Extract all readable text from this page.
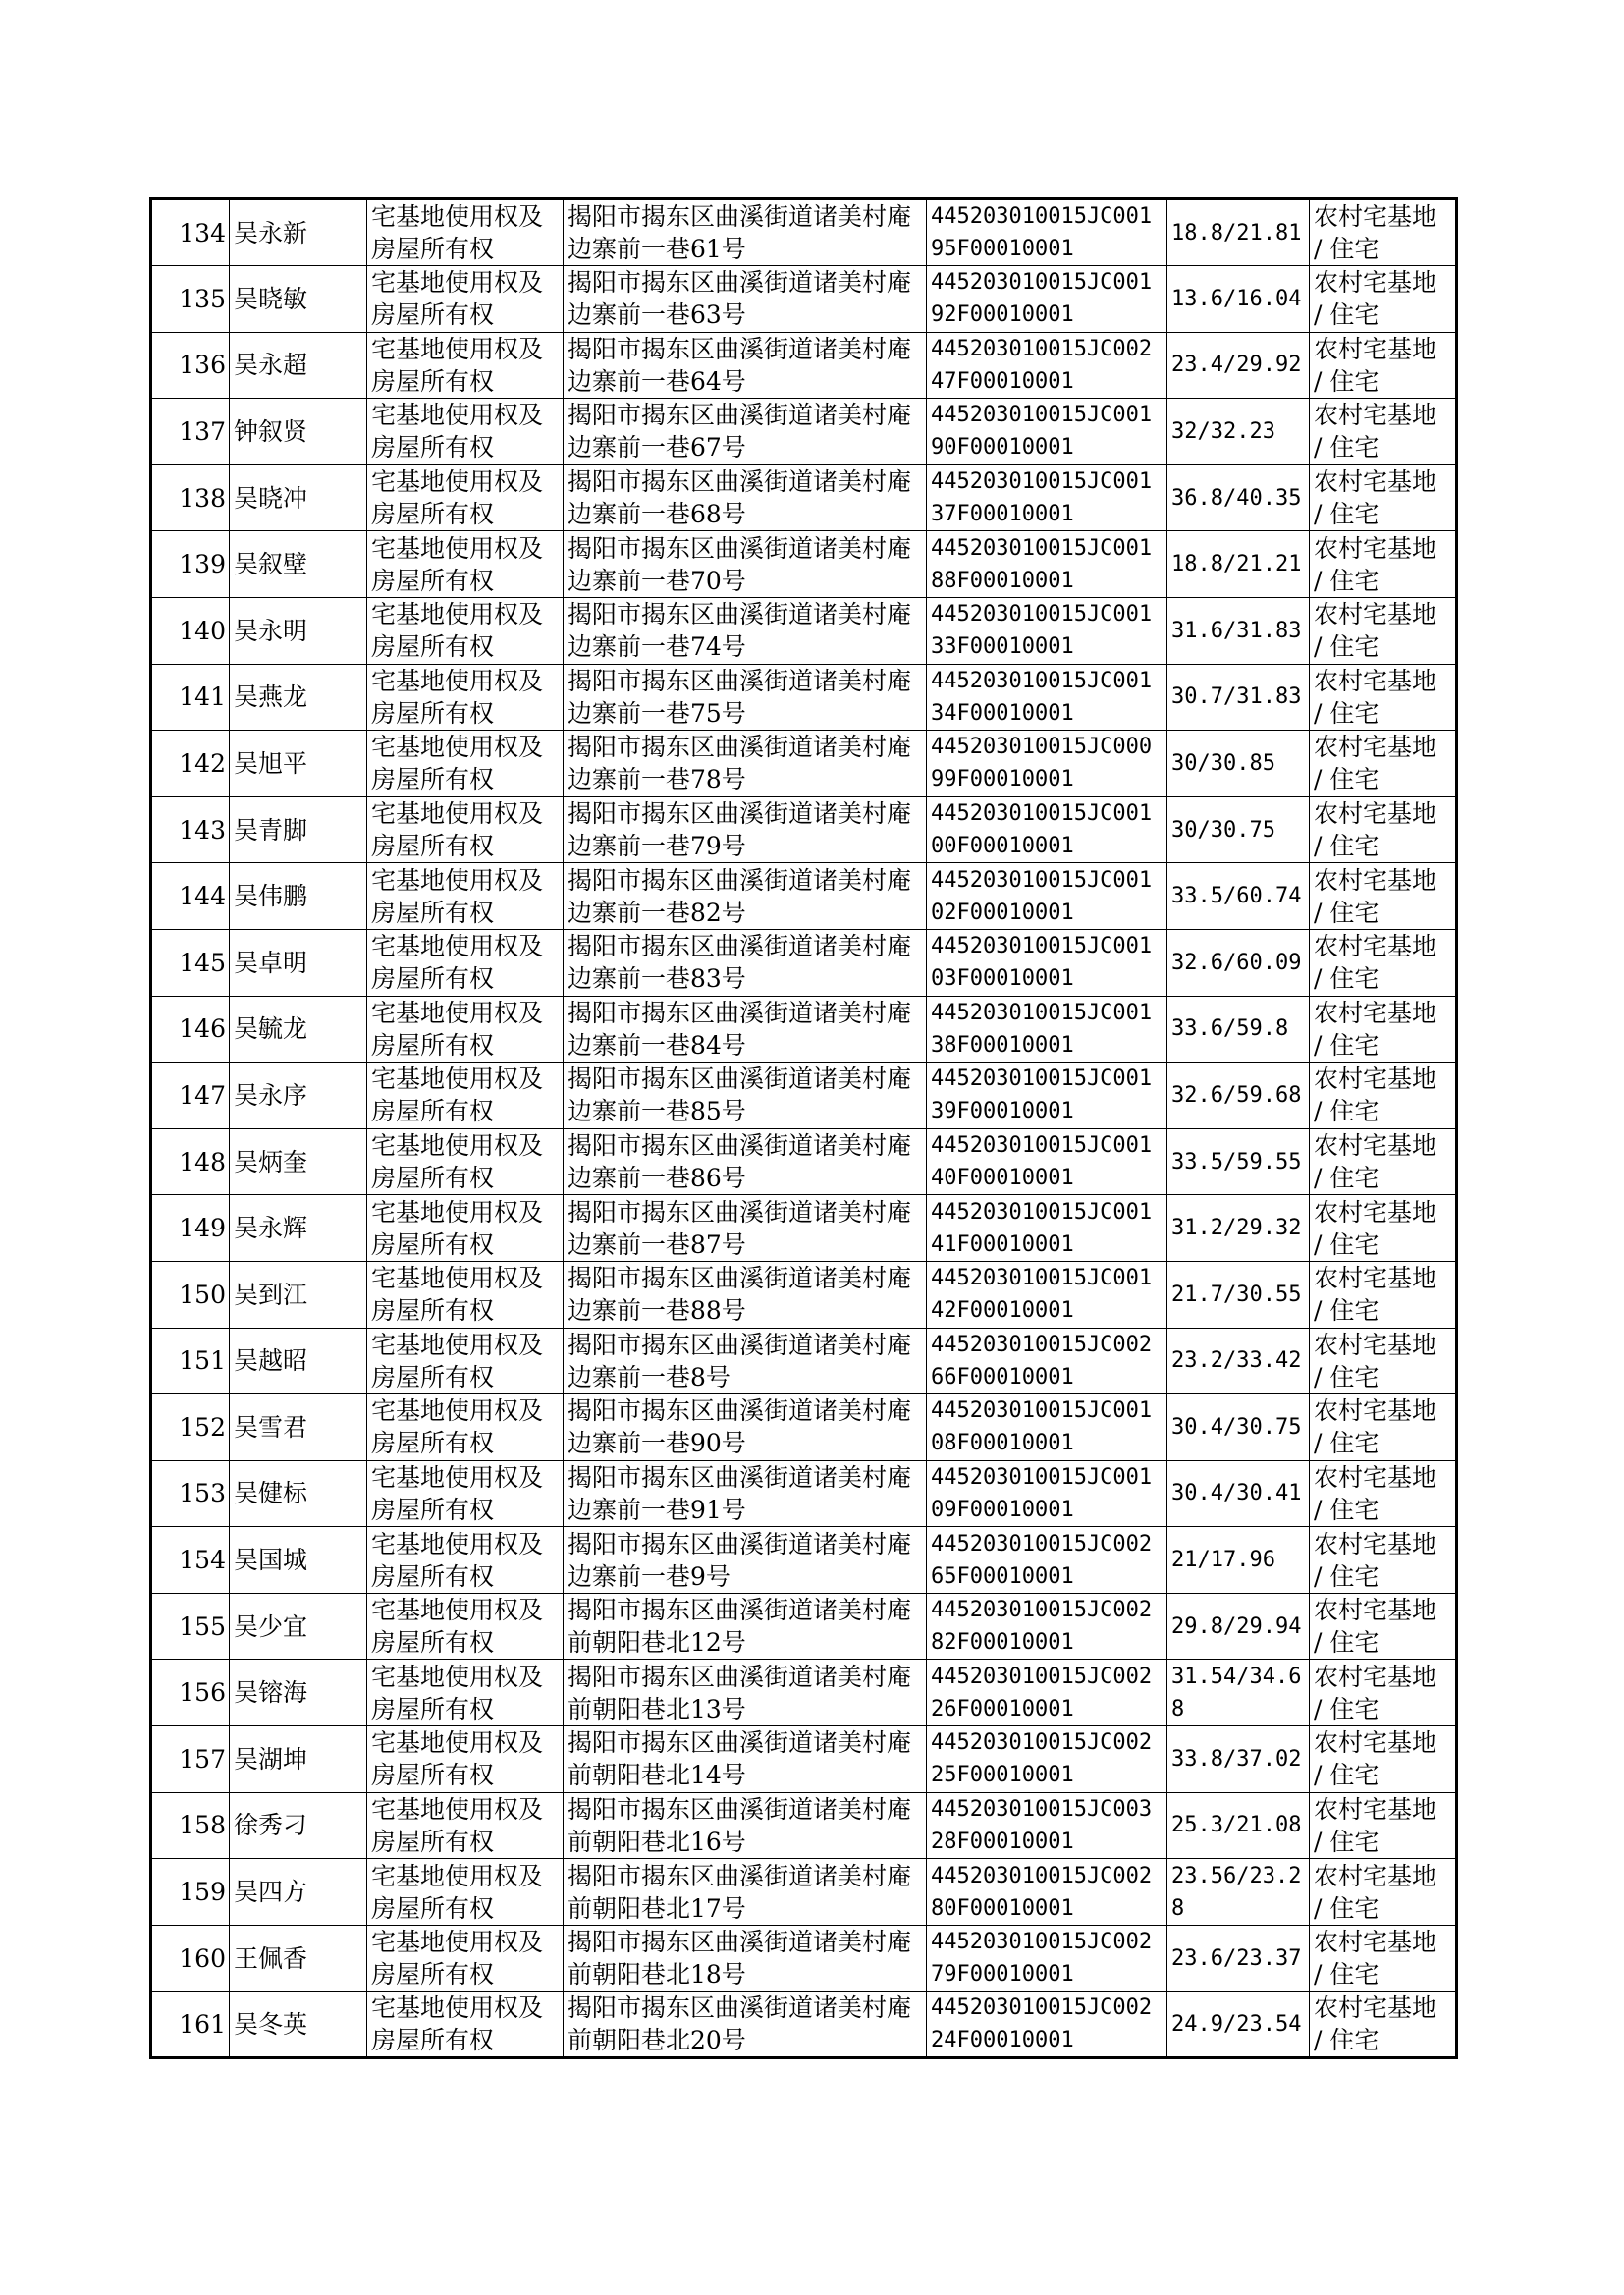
134	吴永新	宅基地使用权及房屋所有权	揭阳市揭东区曲溪街道诸美村庵边寨前一巷61号	445203010015JC00195F00010001	18.8/21.81	农村宅基地 / 住宅

135	吴晓敏	宅基地使用权及房屋所有权	揭阳市揭东区曲溪街道诸美村庵边寨前一巷63号	445203010015JC00192F00010001	13.6/16.04	农村宅基地 / 住宅

136	吴永超	宅基地使用权及房屋所有权	揭阳市揭东区曲溪街道诸美村庵边寨前一巷64号	445203010015JC00247F00010001	23.4/29.92	农村宅基地 / 住宅

137	钟叙贤	宅基地使用权及房屋所有权	揭阳市揭东区曲溪街道诸美村庵边寨前一巷67号	445203010015JC00190F00010001	32/32.23	农村宅基地 / 住宅

138	吴晓冲	宅基地使用权及房屋所有权	揭阳市揭东区曲溪街道诸美村庵边寨前一巷68号	445203010015JC00137F00010001	36.8/40.35	农村宅基地 / 住宅

139	吴叙壁	宅基地使用权及房屋所有权	揭阳市揭东区曲溪街道诸美村庵边寨前一巷70号	445203010015JC00188F00010001	18.8/21.21	农村宅基地 / 住宅

140	吴永明	宅基地使用权及房屋所有权	揭阳市揭东区曲溪街道诸美村庵边寨前一巷74号	445203010015JC00133F00010001	31.6/31.83	农村宅基地 / 住宅

141	吴燕龙	宅基地使用权及房屋所有权	揭阳市揭东区曲溪街道诸美村庵边寨前一巷75号	445203010015JC00134F00010001	30.7/31.83	农村宅基地 / 住宅

142	吴旭平	宅基地使用权及房屋所有权	揭阳市揭东区曲溪街道诸美村庵边寨前一巷78号	445203010015JC00099F00010001	30/30.85	农村宅基地 / 住宅

143	吴青脚	宅基地使用权及房屋所有权	揭阳市揭东区曲溪街道诸美村庵边寨前一巷79号	445203010015JC00100F00010001	30/30.75	农村宅基地 / 住宅

144	吴伟鹏	宅基地使用权及房屋所有权	揭阳市揭东区曲溪街道诸美村庵边寨前一巷82号	445203010015JC00102F00010001	33.5/60.74	农村宅基地 / 住宅

145	吴卓明	宅基地使用权及房屋所有权	揭阳市揭东区曲溪街道诸美村庵边寨前一巷83号	445203010015JC00103F00010001	32.6/60.09	农村宅基地 / 住宅

146	吴毓龙	宅基地使用权及房屋所有权	揭阳市揭东区曲溪街道诸美村庵边寨前一巷84号	445203010015JC00138F00010001	33.6/59.8	农村宅基地 / 住宅

147	吴永序	宅基地使用权及房屋所有权	揭阳市揭东区曲溪街道诸美村庵边寨前一巷85号	445203010015JC00139F00010001	32.6/59.68	农村宅基地 / 住宅

148	吴炳奎	宅基地使用权及房屋所有权	揭阳市揭东区曲溪街道诸美村庵边寨前一巷86号	445203010015JC00140F00010001	33.5/59.55	农村宅基地 / 住宅

149	吴永辉	宅基地使用权及房屋所有权	揭阳市揭东区曲溪街道诸美村庵边寨前一巷87号	445203010015JC00141F00010001	31.2/29.32	农村宅基地 / 住宅

150	吴到江	宅基地使用权及房屋所有权	揭阳市揭东区曲溪街道诸美村庵边寨前一巷88号	445203010015JC00142F00010001	21.7/30.55	农村宅基地 / 住宅

151	吴越昭	宅基地使用权及房屋所有权	揭阳市揭东区曲溪街道诸美村庵边寨前一巷8号	445203010015JC00266F00010001	23.2/33.42	农村宅基地 / 住宅

152	吴雪君	宅基地使用权及房屋所有权	揭阳市揭东区曲溪街道诸美村庵边寨前一巷90号	445203010015JC00108F00010001	30.4/30.75	农村宅基地 / 住宅

153	吴健标	宅基地使用权及房屋所有权	揭阳市揭东区曲溪街道诸美村庵边寨前一巷91号	445203010015JC00109F00010001	30.4/30.41	农村宅基地 / 住宅

154	吴国城	宅基地使用权及房屋所有权	揭阳市揭东区曲溪街道诸美村庵边寨前一巷9号	445203010015JC00265F00010001	21/17.96	农村宅基地 / 住宅

155	吴少宜	宅基地使用权及房屋所有权	揭阳市揭东区曲溪街道诸美村庵前朝阳巷北12号	445203010015JC00282F00010001	29.8/29.94	农村宅基地 / 住宅

156	吴镕海	宅基地使用权及房屋所有权	揭阳市揭东区曲溪街道诸美村庵前朝阳巷北13号	445203010015JC00226F00010001	31.54/34.68	农村宅基地 / 住宅

157	吴湖坤	宅基地使用权及房屋所有权	揭阳市揭东区曲溪街道诸美村庵前朝阳巷北14号	445203010015JC00225F00010001	33.8/37.02	农村宅基地 / 住宅

158	徐秀刁	宅基地使用权及房屋所有权	揭阳市揭东区曲溪街道诸美村庵前朝阳巷北16号	445203010015JC00328F00010001	25.3/21.08	农村宅基地 / 住宅

159	吴四方	宅基地使用权及房屋所有权	揭阳市揭东区曲溪街道诸美村庵前朝阳巷北17号	445203010015JC00280F00010001	23.56/23.28	农村宅基地 / 住宅

160	王佩香	宅基地使用权及房屋所有权	揭阳市揭东区曲溪街道诸美村庵前朝阳巷北18号	445203010015JC00279F00010001	23.6/23.37	农村宅基地 / 住宅

161	吴冬英	宅基地使用权及房屋所有权	揭阳市揭东区曲溪街道诸美村庵前朝阳巷北20号	445203010015JC00224F00010001	24.9/23.54	农村宅基地 / 住宅
